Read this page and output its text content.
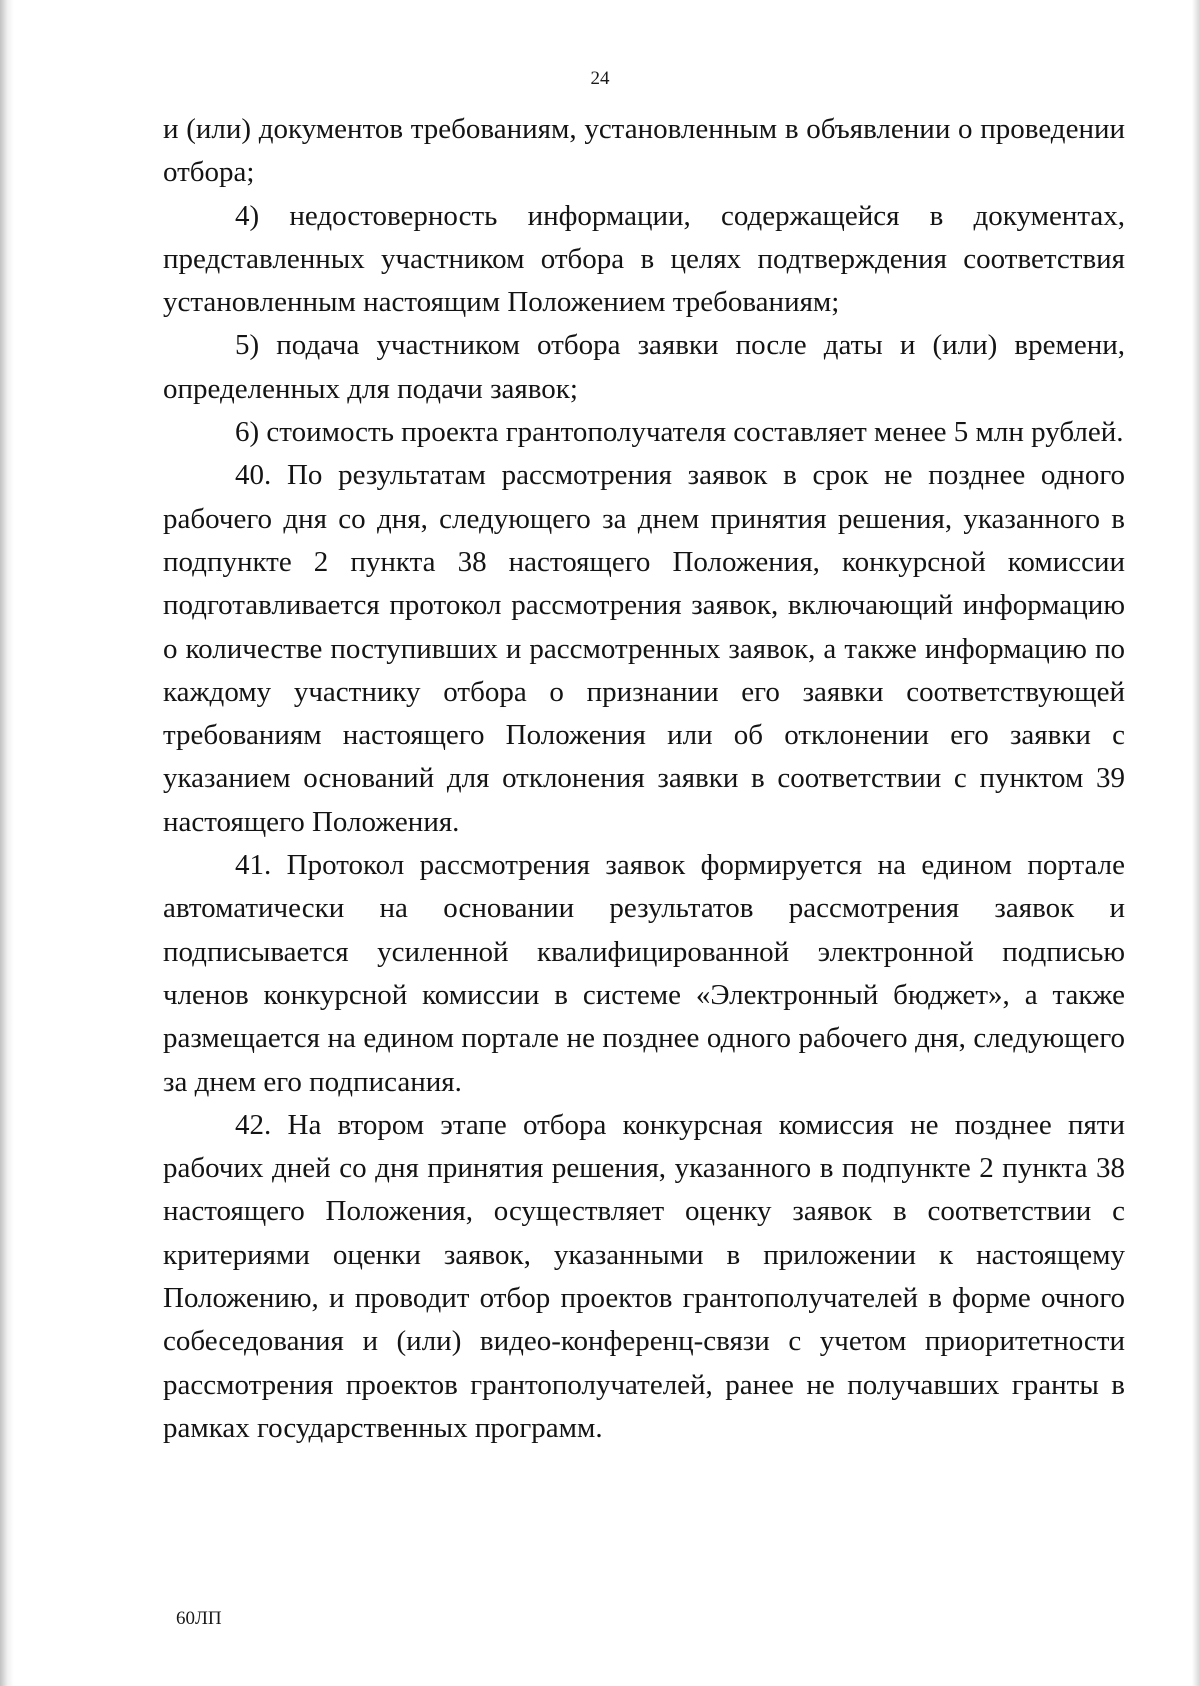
24

и (или) документов требованиям, установленным в объявлении о проведении отбора;

4) недостоверность информации, содержащейся в документах, представленных участником отбора в целях подтверждения соответствия установленным настоящим Положением требованиям;

5) подача участником отбора заявки после даты и (или) времени, определенных для подачи заявок;

6) стоимость проекта грантополучателя составляет менее 5 млн рублей.

40. По результатам рассмотрения заявок в срок не позднее одного рабочего дня со дня, следующего за днем принятия решения, указанного в подпункте 2 пункта 38 настоящего Положения, конкурсной комиссии подготавливается протокол рассмотрения заявок, включающий информацию о количестве поступивших и рассмотренных заявок, а также информацию по каждому участнику отбора о признании его заявки соответствующей требованиям настоящего Положения или об отклонении его заявки с указанием оснований для отклонения заявки в соответствии с пунктом 39 настоящего Положения.

41. Протокол рассмотрения заявок формируется на едином портале автоматически на основании результатов рассмотрения заявок и подписывается усиленной квалифицированной электронной подписью членов конкурсной комиссии в системе «Электронный бюджет», а также размещается на едином портале не позднее одного рабочего дня, следующего за днем его подписания.

42. На втором этапе отбора конкурсная комиссия не позднее пяти рабочих дней со дня принятия решения, указанного в подпункте 2 пункта 38 настоящего Положения, осуществляет оценку заявок в соответствии с критериями оценки заявок, указанными в приложении к настоящему Положению, и проводит отбор проектов грантополучателей в форме очного собеседования и (или) видео-конференц-связи с учетом приоритетности рассмотрения проектов грантополучателей, ранее не получавших гранты в рамках государственных программ.

60ЛП
